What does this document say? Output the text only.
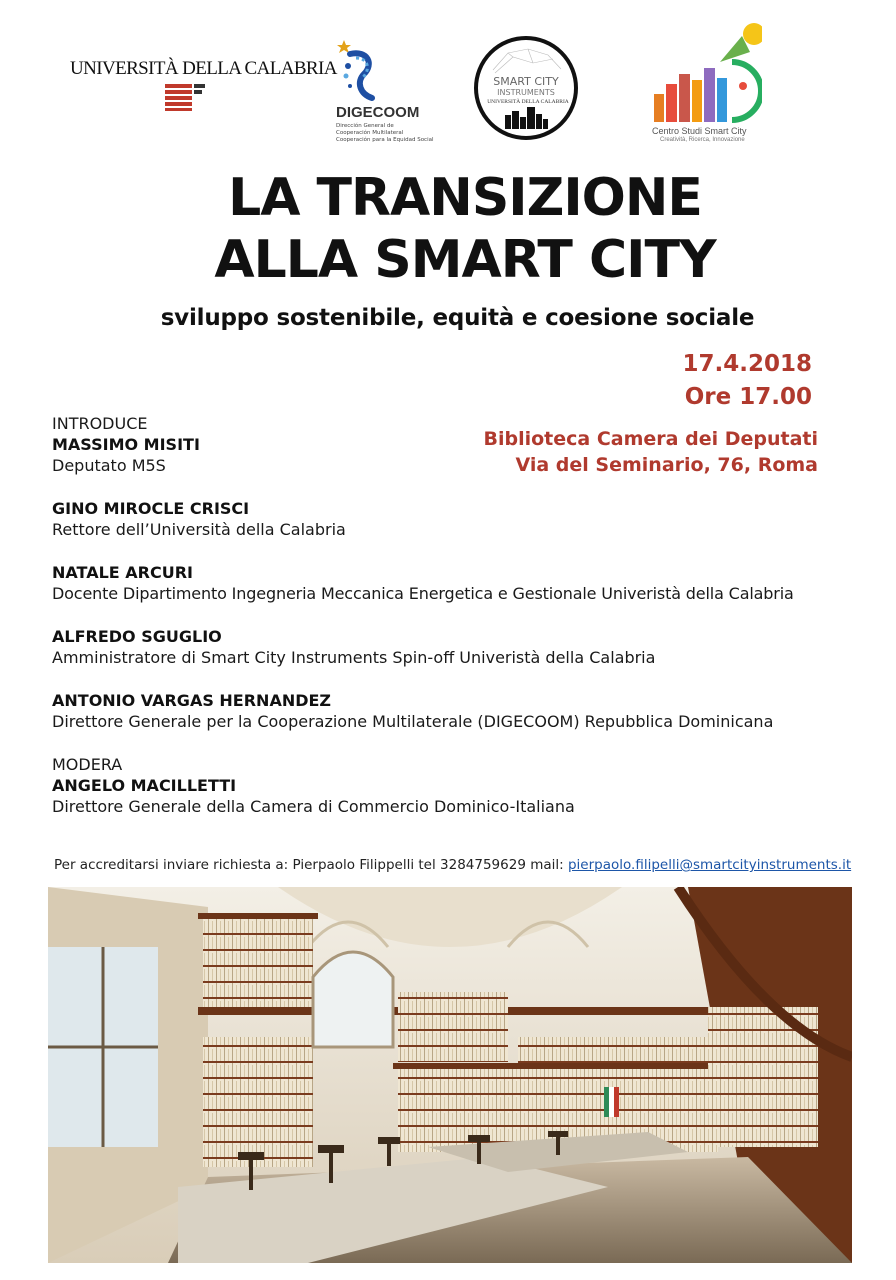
UNIVERSITÀ DELLA CALABRIA
DIGECOOM
Dirección General de
Cooperación Multilateral
Cooperación para la Equidad Social
SMART CITY
INSTRUMENTS
UNIVERSITÀ DELLA CALABRIA
Centro Studi Smart City
Creatività, Ricerca, Innovazione
LA TRANSIZIONE
ALLA SMART CITY
sviluppo sostenibile, equità e coesione sociale
17.4.2018
Ore 17.00
Biblioteca Camera dei Deputati
Via del Seminario, 76, Roma
INTRODUCE
MASSIMO MISITI
Deputato M5S
GINO MIROCLE CRISCI
Rettore dell’Università della Calabria
NATALE ARCURI
Docente Dipartimento Ingegneria Meccanica Energetica e Gestionale Univeristà della Calabria
ALFREDO SGUGLIO
Amministratore di Smart City Instruments Spin-off Univeristà della Calabria
ANTONIO VARGAS HERNANDEZ
Direttore Generale per la Cooperazione Multilaterale (DIGECOOM) Repubblica Dominicana
MODERA
ANGELO MACILLETTI
Direttore Generale della Camera di Commercio Dominico-Italiana
Per accreditarsi inviare richiesta a: Pierpaolo Filippelli tel 3284759629 mail: pierpaolo.filipelli@smartcityinstruments.it
